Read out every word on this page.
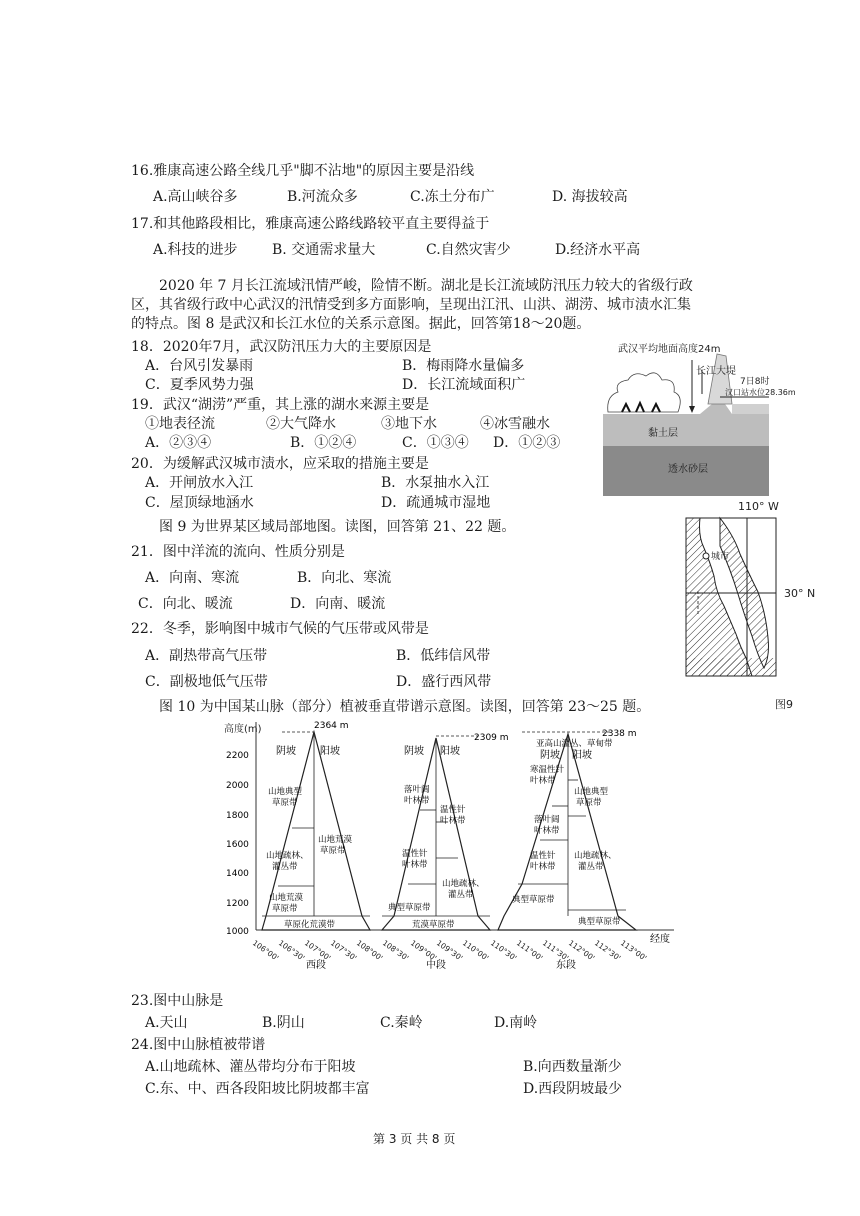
16.雅康高速公路全线几乎"脚不沾地"的原因主要是沿线
A.高山峡谷多	B.河流众多	C.冻土分布广	D. 海拔较高
17.和其他路段相比，雅康高速公路线路较平直主要得益于
A.科技的进步 B. 交通需求量大	C.自然灾害少	D.经济水平高
2020 年 7 月长江流域汛情严峻，险情不断。湖北是长江流域防汛压力较大的省级行政
区，其省级行政中心武汉的汛情受到多方面影响，呈现出江汛、山洪、湖涝、城市渍水汇集
的特点。图 8 是武汉和长江水位的关系示意图。据此，回答第18～20题。
18．2020年7月，武汉防汛压力大的主要原因是
A．台风引发暴雨	B．梅雨降水量偏多
C．夏季风势力强	D．长江流域面积广
19．武汉“湖涝”严重，其上涨的湖水来源主要是
①地表径流	②大气降水	③地下水	④冰雪融水
A．②③④	B．①②④	C．①③④ D．①②③
20．为缓解武汉城市渍水，应采取的措施主要是
A．开闸放水入江	B．水泵抽水入江
C．屋顶绿地涵水	D．疏通城市湿地
武汉平均地面高度24m
长江大堤
7日8时
汉口站水位28.36m
黏土层
透水砂层
图 9 为世界某区域局部地图。读图，回答第 21、22 题。
21．图中洋流的流向、性质分别是
A．向南、寒流	B．向北、寒流
C．向北、暖流	D．向南、暖流
22．冬季，影响图中城市气候的气压带或风带是
A．副热带高气压带	B．低纬信风带
C．副极地低气压带	D．盛行西风带
110° W
城市
30° N
图9
图 10 为中国某山脉（部分）植被垂直带谱示意图。读图，回答第 23～25 题。
高度(m)
2200
2000
1800
1600
1400
1200
1000
2364 m
阴坡 阳坡
山地典型
草原带
山地疏林、
灌丛带
山地荒漠
草原带
山地荒漠
草原带
草原化荒漠带
2309 m
阴坡 阳坡
落叶阔
叶林带
温性针
叶林带
典型草原带
温性针
叶林带
山地疏林、
灌丛带
荒漠草原带
2338 m
亚高山灌丛、草甸带
阴坡 阳坡
寒温性针
叶林带
落叶阔
叶林带
温性针
叶林带
典型草原带
山地典型
草原带
山地疏林、
灌丛带
典型草原带
106°00'
106°30'
107°00'
107°30'
108°00'
108°30'
109°00'
109°30'
110°00'
110°30'
111°00'
111°30'
112°00'
112°30'
113°00' 经度
西段	中段	东段
23.图中山脉是
A.天山	B.阴山	C.秦岭	D.南岭
24.图中山脉植被带谱
A.山地疏林、灌丛带均分布于阳坡	B.向西数量渐少
C.东、中、西各段阳坡比阴坡都丰富	D.西段阴坡最少
第 3 页 共 8 页
